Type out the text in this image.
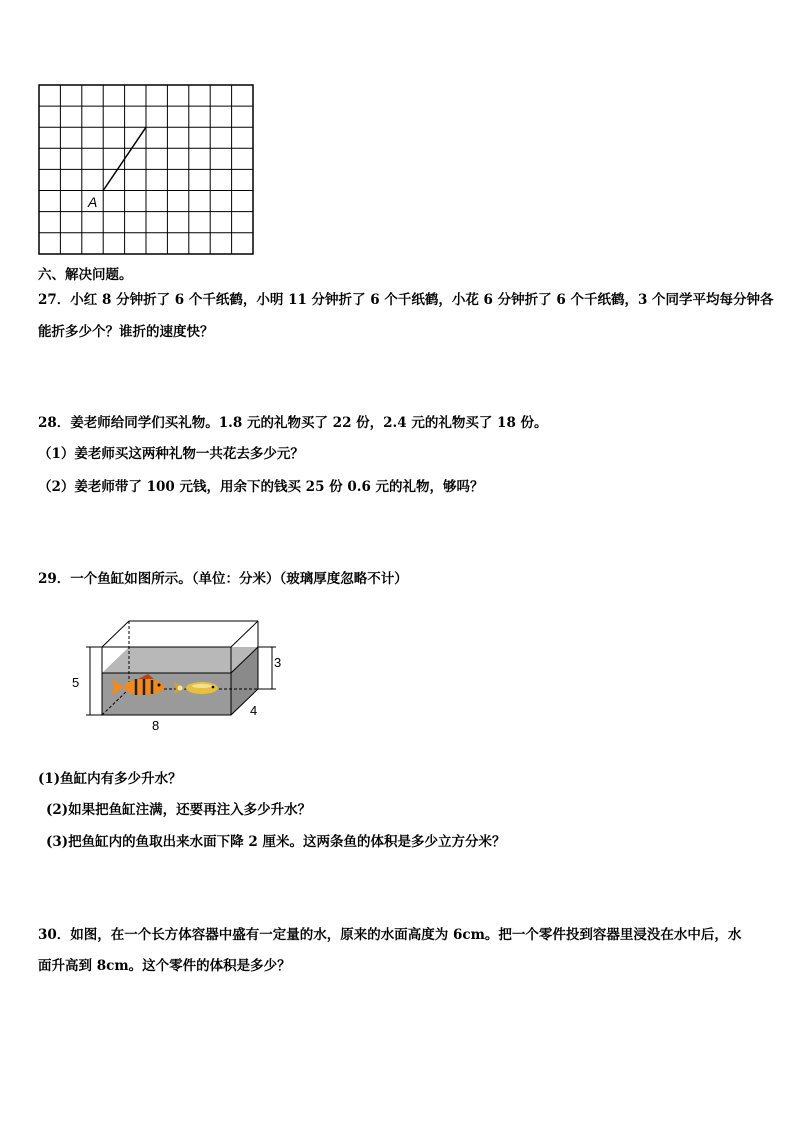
A
六、解决问题。
27．小红 8 分钟折了 6 个千纸鹤，小明 11 分钟折了 6 个千纸鹤，小花 6 分钟折了 6 个千纸鹤，3 个同学平均每分钟各
能折多少个？谁折的速度快？
28．姜老师给同学们买礼物。1.8 元的礼物买了 22 份，2.4 元的礼物买了 18 份。
（1）姜老师买这两种礼物一共花去多少元？
（2）姜老师带了 100 元钱，用余下的钱买 25 份 0.6 元的礼物，够吗？
29．一个鱼缸如图所示。（单位：分米）（玻璃厚度忽略不计）
5
3
8
4
(1)鱼缸内有多少升水？
(2)如果把鱼缸注满，还要再注入多少升水？
(3)把鱼缸内的鱼取出来水面下降 2 厘米。这两条鱼的体积是多少立方分米？
30．如图，在一个长方体容器中盛有一定量的水，原来的水面高度为 6cm。把一个零件投到容器里浸没在水中后，水
面升高到 8cm。这个零件的体积是多少？
